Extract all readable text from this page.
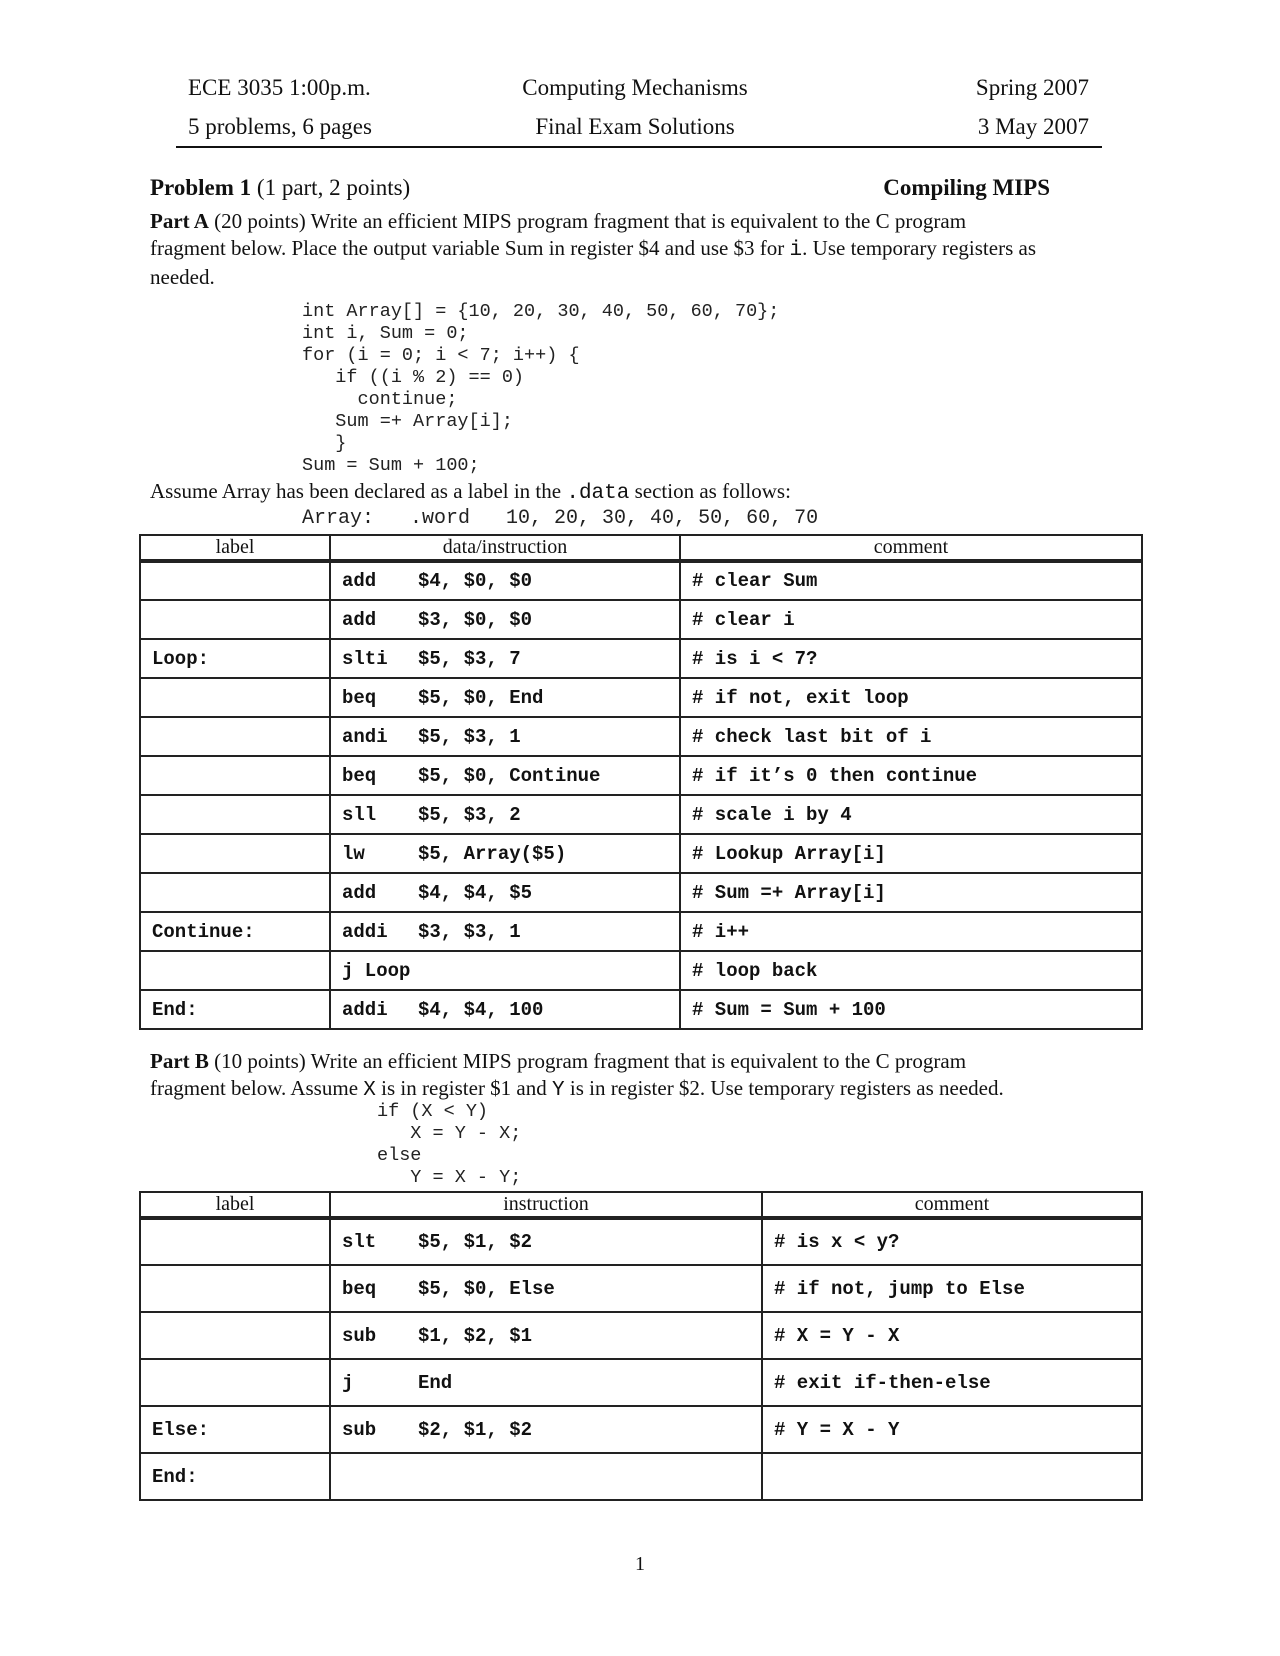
ECE 3035 1:00p.m.	Computing Mechanisms	Spring 2007
5 problems, 6 pages	Final Exam Solutions	3 May 2007
Problem 1 (1 part, 2 points)	Compiling MIPS
Part A (20 points) Write an efficient MIPS program fragment that is equivalent to the C program
fragment below. Place the output variable Sum in register $4 and use $3 for i. Use temporary registers as
needed.
int Array[] = {10, 20, 30, 40, 50, 60, 70};
int i, Sum = 0;
for (i = 0; i < 7; i++) {
if ((i % 2) == 0)
continue;
Sum =+ Array[i];
}
Sum = Sum + 100;
Assume Array has been declared as a label in the .data section as follows:
Array:   .word   10, 20, 30, 40, 50, 60, 70
label	data/instruction	comment
	add $4, $0, $0	# clear Sum
	add $3, $0, $0	# clear i
Loop:	slti $5, $3, 7	# is i < 7?
	beq $5, $0, End	# if not, exit loop
	andi $5, $3, 1	# check last bit of i
	beq $5, $0, Continue	# if it’s 0 then continue
	sll $5, $3, 2	# scale i by 4
	lw $5, Array($5)	# Lookup Array[i]
	add $4, $4, $5	# Sum =+ Array[i]
Continue:	addi $3, $3, 1	# i++
	j Loop	# loop back
End:	addi $4, $4, 100	# Sum = Sum + 100
Part B (10 points) Write an efficient MIPS program fragment that is equivalent to the C program
fragment below. Assume X is in register $1 and Y is in register $2. Use temporary registers as needed.
if (X < Y)
X = Y - X;
else
Y = X - Y;
label	instruction	comment
	slt $5, $1, $2	# is x < y?
	beq $5, $0, Else	# if not, jump to Else
	sub $1, $2, $1	# X = Y - X
	j End	# exit if-then-else
Else:	sub $2, $1, $2	# Y = X - Y
End:		
1
